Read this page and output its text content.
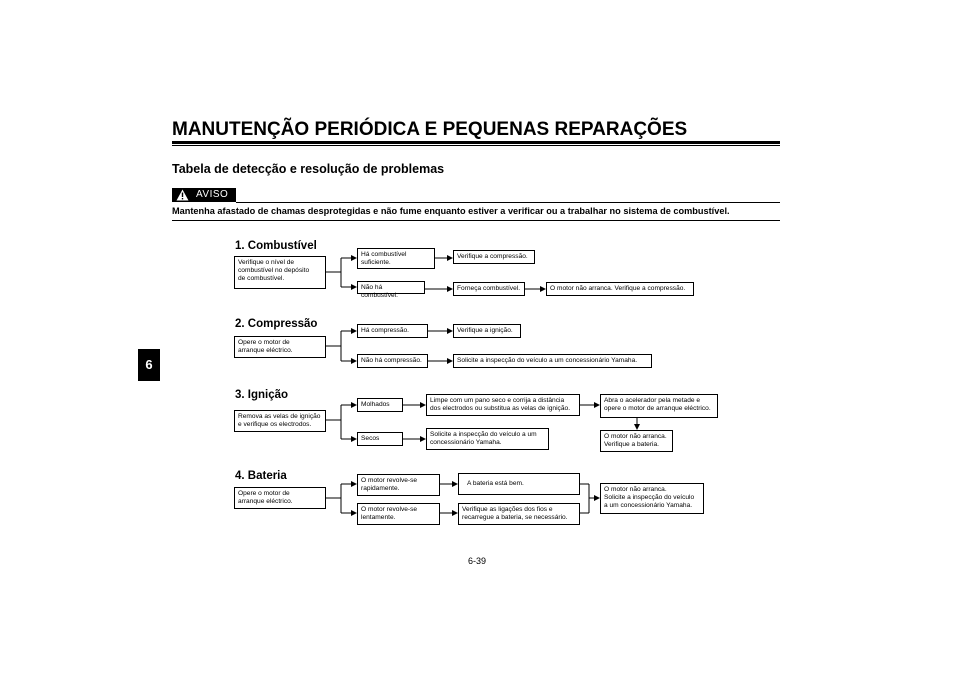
MANUTENÇÃO PERIÓDICA E PEQUENAS REPARAÇÕES
6
Tabela de detecção e resolução de problemas
AVISO
Mantenha afastado de chamas desprotegidas e não fume enquanto estiver a verificar ou a trabalhar no sistema de combustível.
1. Combustível
Verifique o nível de
combustível no depósito
de combustível.
Há combustível
suficiente.
Não há combustível.
Verifique a compressão.
Forneça combustível.	O motor não arranca. Verifique a compressão.
2. Compressão
Opere o motor de
arranque eléctrico.
Há compressão.
Não há compressão.
Verifique a ignição.
Solicite a inspecção do veículo a um concessionário Yamaha.
3. Ignição
Remova as velas de ignição
e verifique os electrodos.
Molhados
Secos
Limpe com um pano seco e corrija a distância
dos electrodos ou substitua as velas de ignição.
Solicite a inspecção do veículo a um
concessionário Yamaha.
Abra o acelerador pela metade e
opere o motor de arranque eléctrico.
O motor não arranca.
Verifique a bateria.
4. Bateria
Opere o motor de
arranque eléctrico.
O motor revolve-se
rapidamente.
O motor revolve-se
lentamente.
A bateria está bem.
Verifique as ligações dos fios e
recarregue a bateria, se necessário.
O motor não arranca.
Solicite a inspecção do veículo
a um concessionário Yamaha.
6-39
